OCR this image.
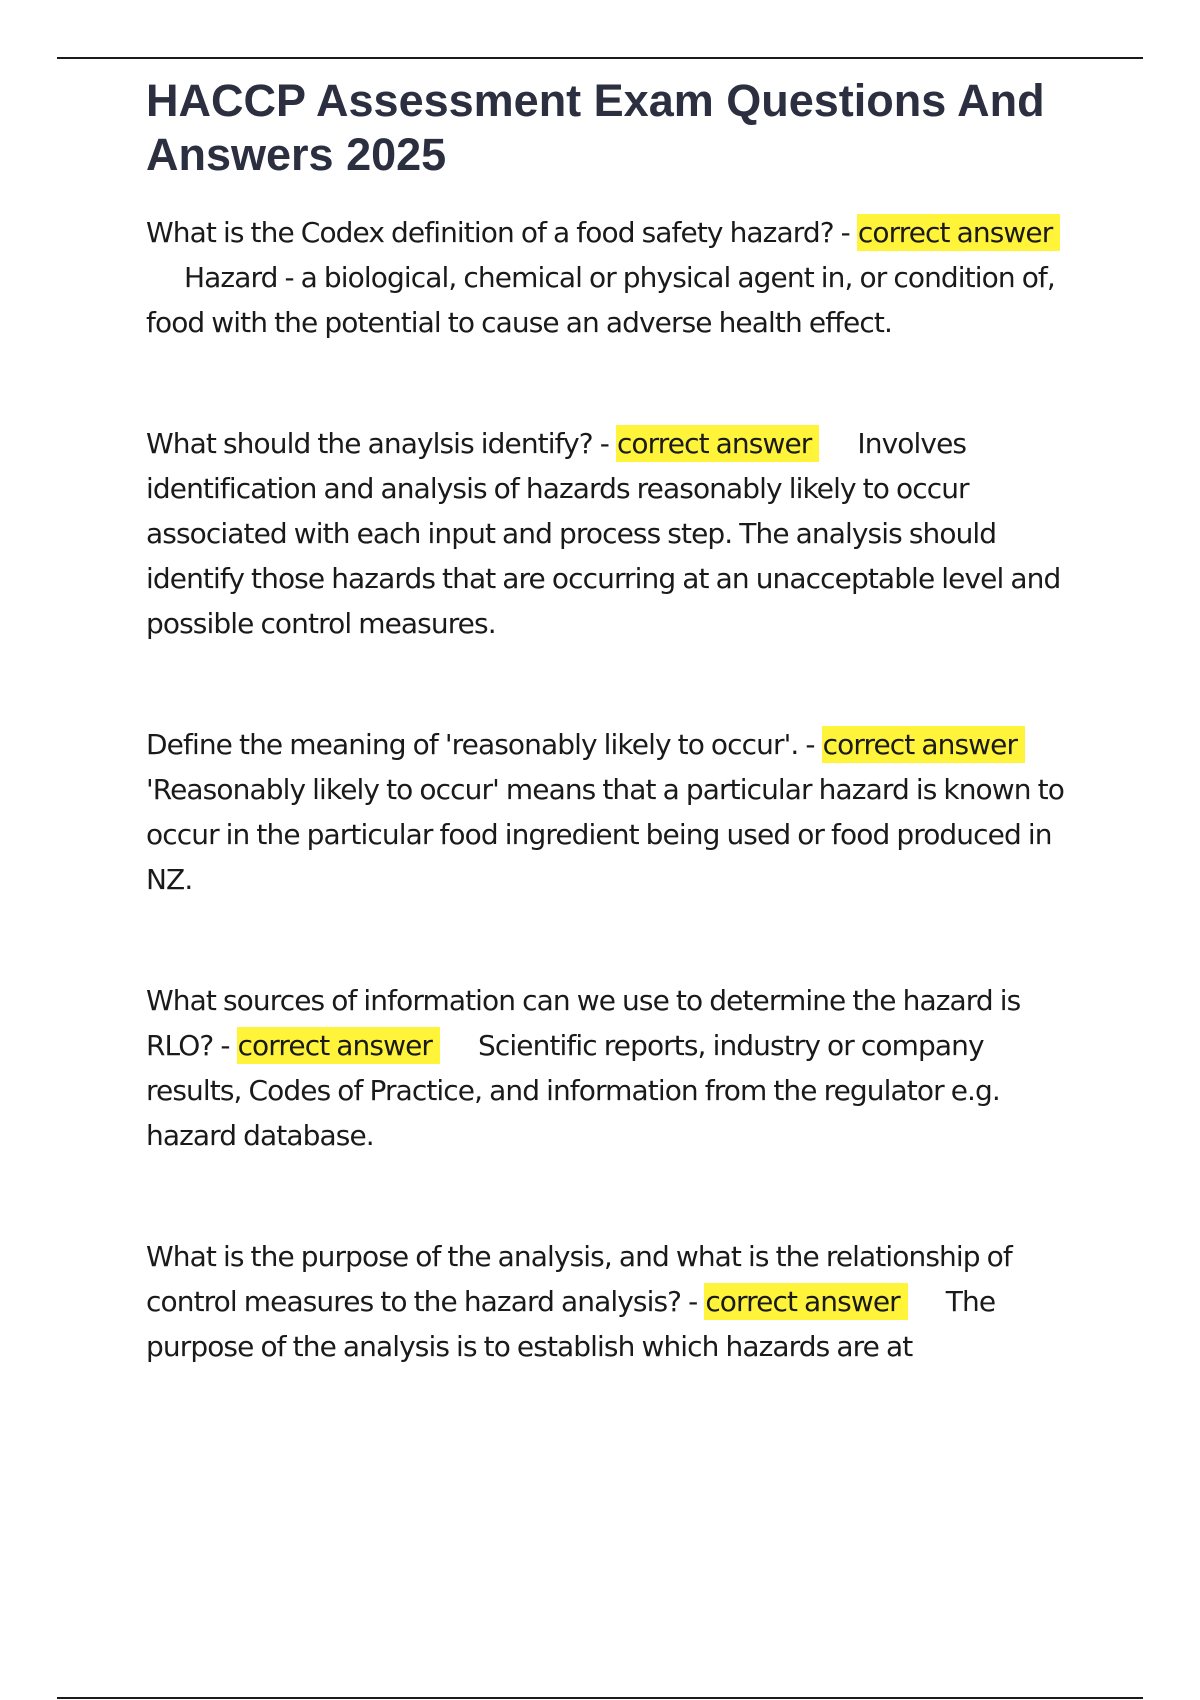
HACCP Assessment Exam Questions And Answers 2025

What is the Codex definition of a food safety hazard? - correct answerHazard - a biological, chemical or physical agent in, or condition of, food with the potential to cause an adverse health effect.

What should the anaylsis identify? - correct answer Involves identification and analysis of hazards reasonably likely to occur associated with each input and process step. The analysis should identify those hazards that are occurring at an unacceptable level and possible control measures.

Define the meaning of 'reasonably likely to occur'. - correct answer'Reasonably likely to occur' means that a particular hazard is known to occur in the particular food ingredient being used or food produced in NZ.

What sources of information can we use to determine the hazard is RLO? - correct answer Scientific reports, industry or company results, Codes of Practice, and information from the regulator e.g. hazard database.

What is the purpose of the analysis, and what is the relationship of control measures to the hazard analysis? - correct answer The purpose of the analysis is to establish which hazards are at
